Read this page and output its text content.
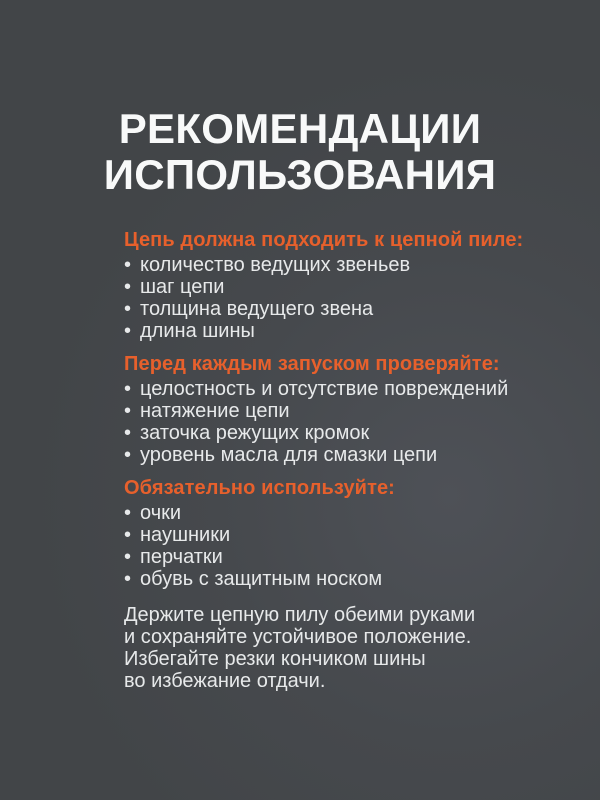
РЕКОМЕНДАЦИИ
ИСПОЛЬЗОВАНИЯ
Цепь должна подходить к цепной пиле:
• количество ведущих звеньев
• шаг цепи
• толщина ведущего звена
• длина шины
Перед каждым запуском проверяйте:
• целостность и отсутствие повреждений
• натяжение цепи
• заточка режущих кромок
• уровень масла для смазки цепи
Обязательно используйте:
• очки
• наушники
• перчатки
• обувь с защитным носком

Держите цепную пилу обеими руками
и сохраняйте устойчивое положение.
Избегайте резки кончиком шины
во избежание отдачи.
